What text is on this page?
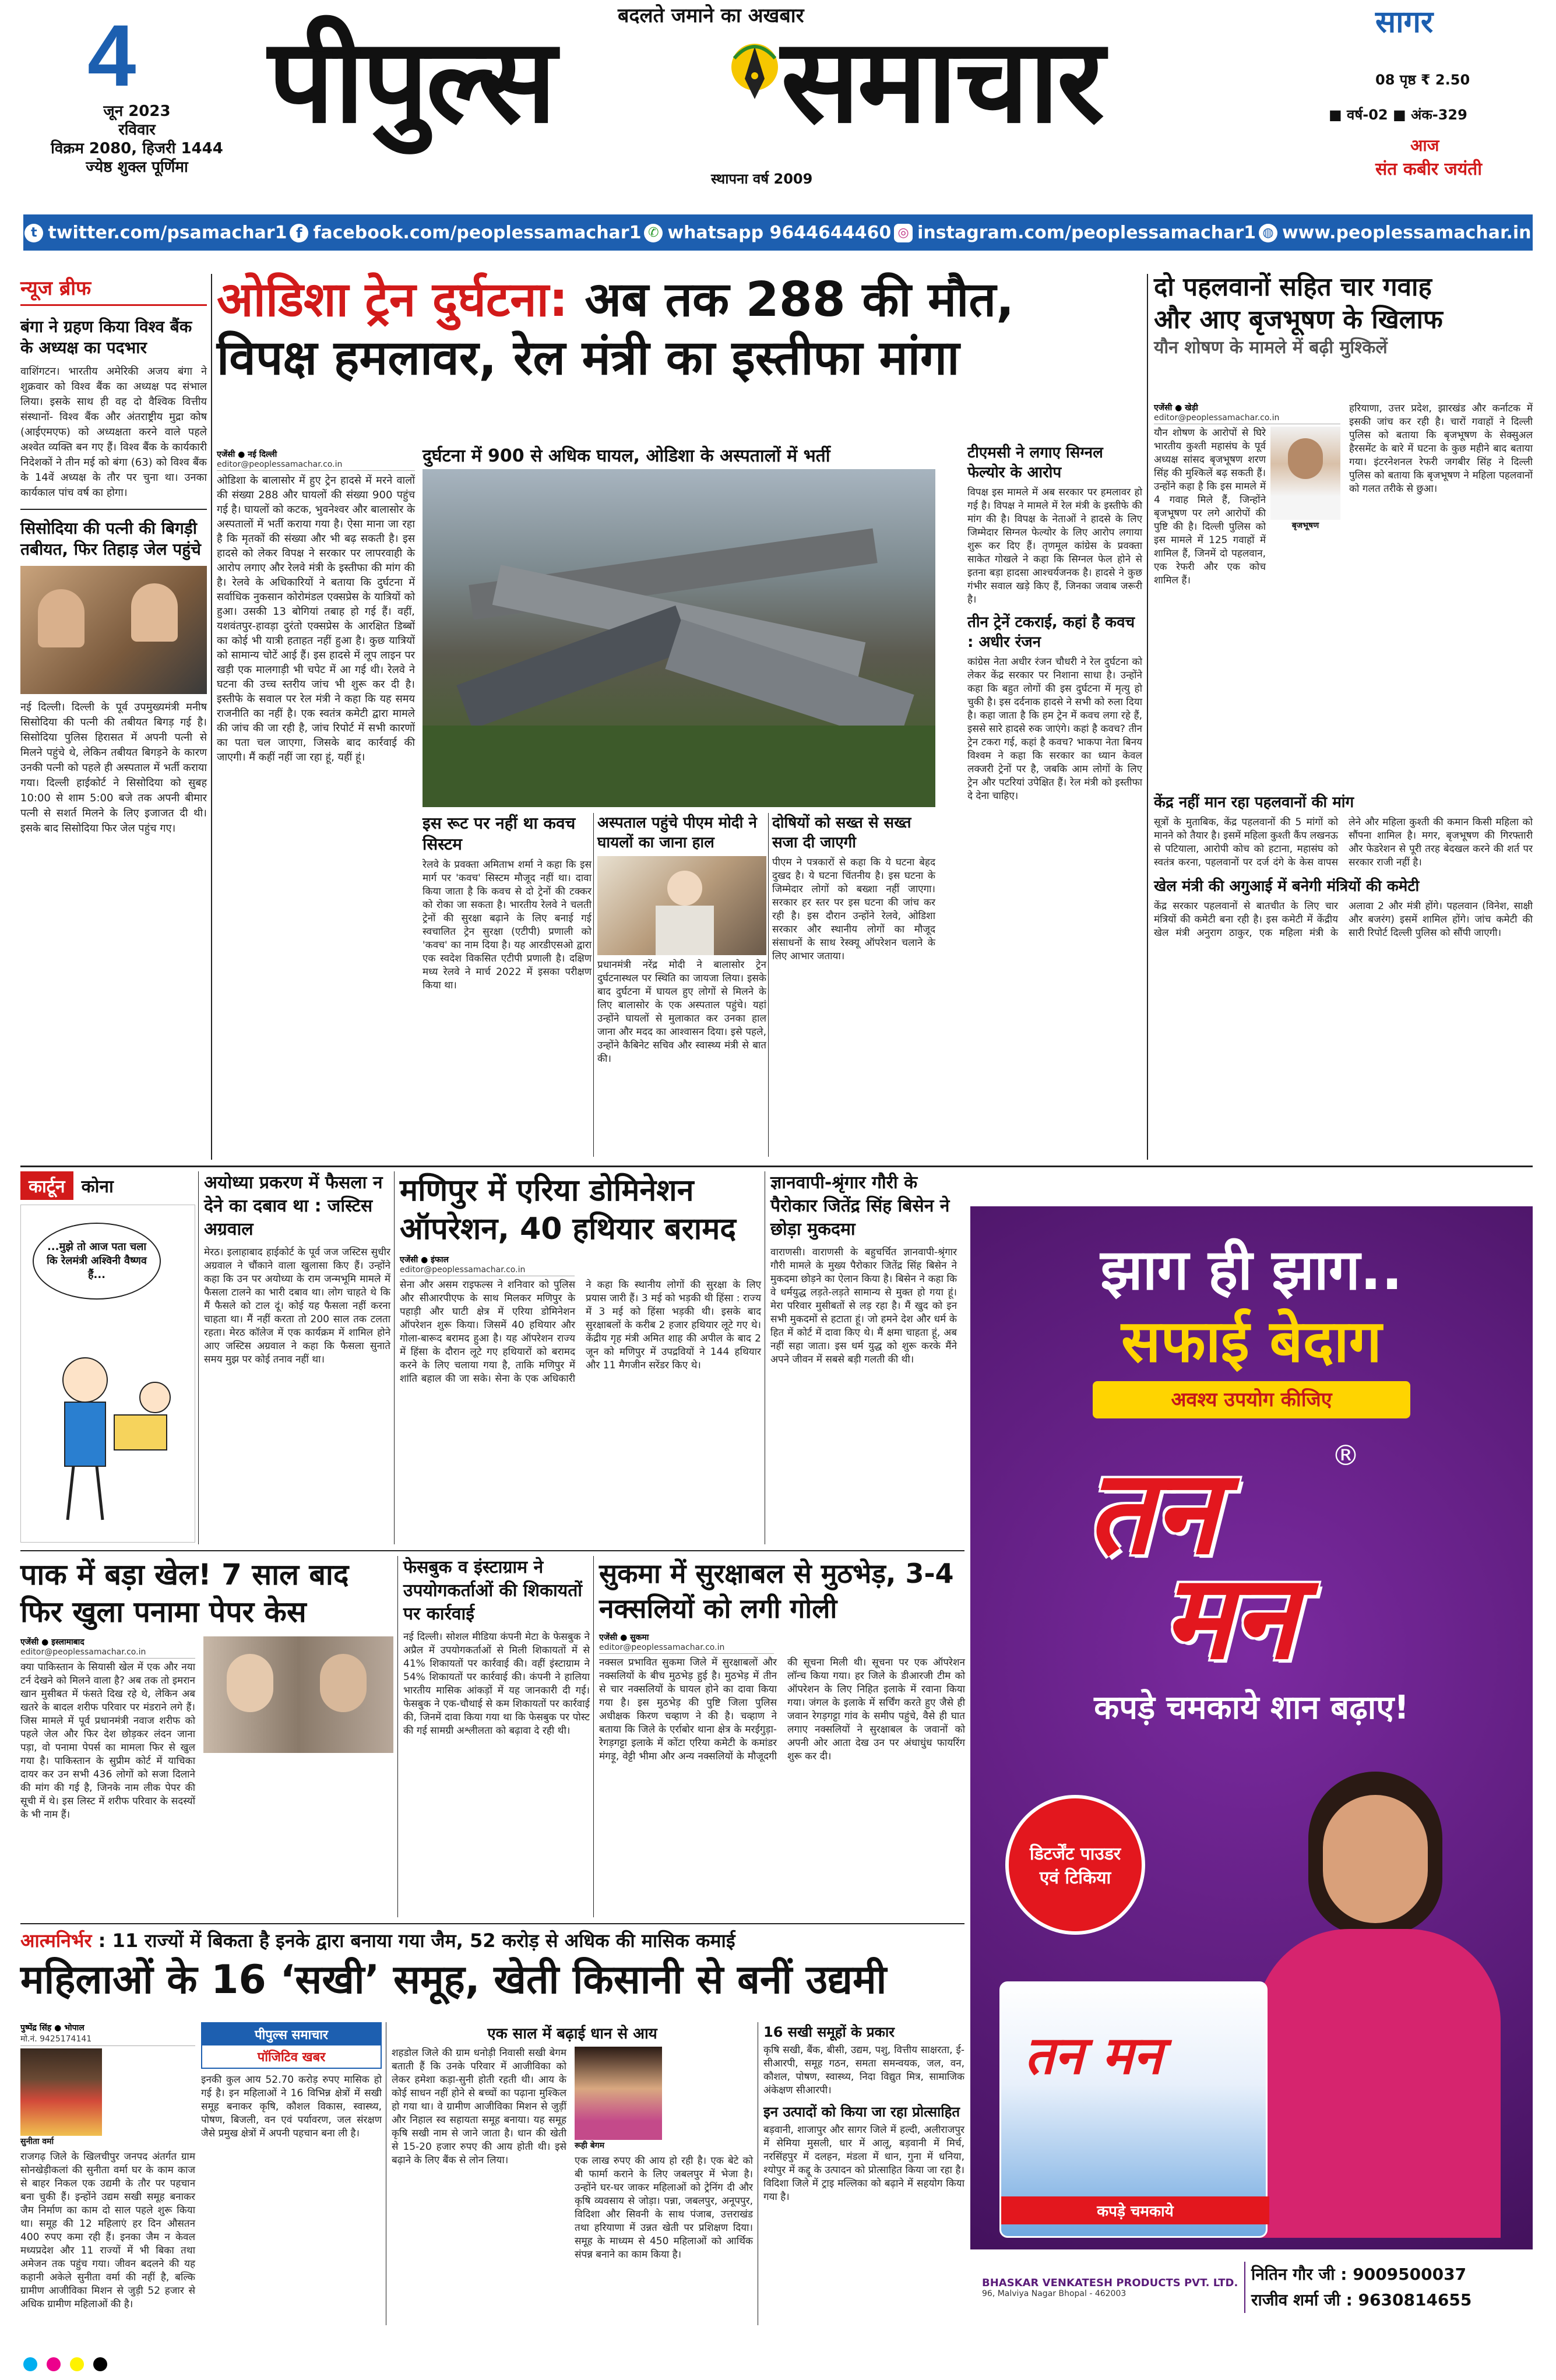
4
जून 2023
रविवार
विक्रम 2080, हिजरी 1444
ज्येष्ठ शुक्ल पूर्णिमा
बदलते जमाने का अखबार
पीपुल्स समाचार
स्थापना वर्ष 2009
सागर
08 पृष्ठ ₹ 2.50
■ वर्ष-02 ■ अंक-329
आज
संत कबीर जयंती
t twitter.com/psamachar1 f facebook.com/peoplessamachar1 ✆ whatsapp 9644644460 ◎ instagram.com/peoplessamachar1 ◍ www.peoplessamachar.in
न्यूज ब्रीफ
बंगा ने ग्रहण किया विश्व बैंक के अध्यक्ष का पदभार
वाशिंगटन। भारतीय अमेरिकी अजय बंगा ने शुक्रवार को विश्व बैंक का अध्यक्ष पद संभाल लिया। इसके साथ ही वह दो वैश्विक वित्तीय संस्थानों- विश्व बैंक और अंतराष्ट्रीय मुद्रा कोष (आईएमएफ) को अध्यक्षता करने वाले पहले अश्वेत व्यक्ति बन गए हैं। विश्व बैंक के कार्यकारी निदेशकों ने तीन मई को बंगा (63) को विश्व बैंक के 14वें अध्यक्ष के तौर पर चुना था। उनका कार्यकाल पांच वर्ष का होगा।
सिसोदिया की पत्नी की बिगड़ी तबीयत, फिर तिहाड़ जेल पहुंचे
नई दिल्ली। दिल्ली के पूर्व उपमुख्यमंत्री मनीष सिसोदिया की पत्नी की तबीयत बिगड़ गई है। सिसोदिया पुलिस हिरासत में अपनी पत्नी से मिलने पहुंचे थे, लेकिन तबीयत बिगड़ने के कारण उनकी पत्नी को पहले ही अस्पताल में भर्ती कराया गया। दिल्ली हाईकोर्ट ने सिसोदिया को सुबह 10:00 से शाम 5:00 बजे तक अपनी बीमार पत्नी से सशर्त मिलने के लिए इजाजत दी थी। इसके बाद सिसोदिया फिर जेल पहुंच गए।
ओडिशा ट्रेन दुर्घटना: अब तक 288 की मौत,
विपक्ष हमलावर, रेल मंत्री का इस्तीफा मांगा
एजेंसी ● नई दिल्ली
editor@peoplessamachar.co.in
ओडिशा के बालासोर में हुए ट्रेन हादसे में मरने वालों की संख्या 288 और घायलों की संख्या 900 पहुंच गई है। घायलों को कटक, भुवनेश्वर और बालासोर के अस्पतालों में भर्ती कराया गया है। ऐसा माना जा रहा है कि मृतकों की संख्या और भी बढ़ सकती है। इस हादसे को लेकर विपक्ष ने सरकार पर लापरवाही के आरोप लगाए और रेलवे मंत्री के इस्तीफा की मांग की है। रेलवे के अधिकारियों ने बताया कि दुर्घटना में सर्वाधिक नुकसान कोरोमंडल एक्सप्रेस के यात्रियों को हुआ। उसकी 13 बोगियां तबाह हो गई हैं। वहीं, यशवंतपुर-हावड़ा दुरंतो एक्सप्रेस के आरक्षित डिब्बों का कोई भी यात्री हताहत नहीं हुआ है। कुछ यात्रियों को सामान्य चोटें आई हैं। इस हादसे में लूप लाइन पर खड़ी एक मालगाड़ी भी चपेट में आ गई थी। रेलवे ने घटना की उच्च स्तरीय जांच भी शुरू कर दी है। इस्तीफे के सवाल पर रेल मंत्री ने कहा कि यह समय राजनीति का नहीं है। एक स्वतंत्र कमेटी द्वारा मामले की जांच की जा रही है, जांच रिपोर्ट में सभी कारणों का पता चल जाएगा, जिसके बाद कार्रवाई की जाएगी। मैं कहीं नहीं जा रहा हूं, यहीं हूं।
दुर्घटना में 900 से अधिक घायल, ओडिशा के अस्पतालों में भर्ती
इस रूट पर नहीं था कवच सिस्टम
रेलवे के प्रवक्ता अमिताभ शर्मा ने कहा कि इस मार्ग पर 'कवच' सिस्टम मौजूद नहीं था। दावा किया जाता है कि कवच से दो ट्रेनों की टक्कर को रोका जा सकता है। भारतीय रेलवे ने चलती ट्रेनों की सुरक्षा बढ़ाने के लिए बनाई गई स्वचालित ट्रेन सुरक्षा (एटीपी) प्रणाली को 'कवच' का नाम दिया है। यह आरडीएसओ द्वारा एक स्वदेश विकसित एटीपी प्रणाली है। दक्षिण मध्य रेलवे ने मार्च 2022 में इसका परीक्षण किया था।
अस्पताल पहुंचे पीएम मोदी ने घायलों का जाना हाल
प्रधानमंत्री नरेंद्र मोदी ने बालासोर ट्रेन दुर्घटनास्थल पर स्थिति का जायजा लिया। इसके बाद दुर्घटना में घायल हुए लोगों से मिलने के लिए बालासोर के एक अस्पताल पहुंचे। यहां उन्होंने घायलों से मुलाकात कर उनका हाल जाना और मदद का आश्वासन दिया। इसे पहले, उन्होंने कैबिनेट सचिव और स्वास्थ्य मंत्री से बात की।
दोषियों को सख्त से सख्त सजा दी जाएगी
पीएम ने पत्रकारों से कहा कि ये घटना बेहद दुखद है। ये घटना चिंतनीय है। इस घटना के जिम्मेदार लोगों को बख्शा नहीं जाएगा। सरकार हर स्तर पर इस घटना की जांच कर रही है। इस दौरान उन्होंने रेलवे, ओडिशा सरकार और स्थानीय लोगों का मौजूद संसाधनों के साथ रेस्क्यू ऑपरेशन चलाने के लिए आभार जताया।
टीएमसी ने लगाए सिग्नल फेल्योर के आरोप
विपक्ष इस मामले में अब सरकार पर हमलावर हो गई है। विपक्ष ने मामले में रेल मंत्री के इस्तीफे की मांग की है। विपक्ष के नेताओं ने हादसे के लिए जिम्मेदार सिग्नल फेल्योर के लिए आरोप लगाया शुरू कर दिए हैं। तृणमूल कांग्रेस के प्रवक्ता साकेत गोखले ने कहा कि सिग्नल फेल होने से इतना बड़ा हादसा आश्चर्यजनक है। हादसे ने कुछ गंभीर सवाल खड़े किए हैं, जिनका जवाब जरूरी है।
तीन ट्रेनें टकराई, कहां है कवच : अधीर रंजन
कांग्रेस नेता अधीर रंजन चौधरी ने रेल दुर्घटना को लेकर केंद्र सरकार पर निशाना साधा है। उन्होंने कहा कि बहुत लोगों की इस दुर्घटना में मृत्यु हो चुकी है। इस दर्दनाक हादसे ने सभी को रुला दिया है। कहा जाता है कि हम ट्रेन में कवच लगा रहे हैं, इससे सारे हादसे रुक जाएंगे। कहां है कवच? तीन ट्रेन टकरा गई, कहां है कवच? भाकपा नेता बिनय विश्वम ने कहा कि सरकार का ध्यान केवल लक्जरी ट्रेनों पर है, जबकि आम लोगों के लिए ट्रेन और पटरियां उपेक्षित हैं। रेल मंत्री को इस्तीफा दे देना चाहिए।
दो पहलवानों सहित चार गवाह
और आए बृजभूषण के खिलाफ
यौन शोषण के मामले में बढ़ी मुश्किलें
एजेंसी ● खेड़ी
editor@peoplessamachar.co.in
यौन शोषण के आरोपों से घिरे भारतीय कुश्ती महासंघ के पूर्व अध्यक्ष सांसद बृजभूषण शरण सिंह की मुश्किलें बढ़ सकती हैं। उन्होंने कहा है कि इस मामले में 4 गवाह मिले हैं, जिन्होंने बृजभूषण पर लगे आरोपों की पुष्टि की है। दिल्ली पुलिस को इस मामले में 125 गवाहों में शामिल हैं, जिनमें दो पहलवान, एक रेफरी और एक कोच शामिल हैं।
बृजभूषण
हरियाणा, उत्तर प्रदेश, झारखंड और कर्नाटक में इसकी जांच कर रही है। चारों गवाहों ने दिल्ली पुलिस को बताया कि बृजभूषण के सेक्सुअल हैरसमेंट के बारे में घटना के कुछ महीने बाद बताया गया। इंटरनेशनल रेफरी जगबीर सिंह ने दिल्ली पुलिस को बताया कि बृजभूषण ने महिला पहलवानों को गलत तरीके से छुआ।
केंद्र नहीं मान रहा पहलवानों की मांग
सूत्रों के मुताबिक, केंद्र पहलवानों की 5 मांगों को मानने को तैयार है। इसमें महिला कुश्ती कैंप लखनऊ से पटियाला, आरोपी कोच को हटाना, महासंघ को स्वतंत्र करना, पहलवानों पर दर्ज दंगे के केस वापस लेने और महिला कुश्ती की कमान किसी महिला को सौंपना शामिल है। मगर, बृजभूषण की गिरफ्तारी और फेडरेशन से पूरी तरह बेदखल करने की शर्त पर सरकार राजी नहीं है।
खेल मंत्री की अगुआई में बनेगी मंत्रियों की कमेटी
केंद्र सरकार पहलवानों से बातचीत के लिए चार मंत्रियों की कमेटी बना रही है। इस कमेटी में केंद्रीय खेल मंत्री अनुराग ठाकुर, एक महिला मंत्री के अलावा 2 और मंत्री होंगे। पहलवान (विनेश, साक्षी और बजरंग) इसमें शामिल होंगे। जांच कमेटी की सारी रिपोर्ट दिल्ली पुलिस को सौंपी जाएगी।
कार्टून कोना
...मुझे तो आज पता चला कि रेलमंत्री अश्विनी वैष्णव हैं...
अयोध्या प्रकरण में फैसला न देने का दबाव था : जस्टिस अग्रवाल
मेरठ। इलाहाबाद हाईकोर्ट के पूर्व जज जस्टिस सुधीर अग्रवाल ने चौंकाने वाला खुलासा किए हैं। उन्होंने कहा कि उन पर अयोध्या के राम जन्मभूमि मामले में फैसला टालने का भारी दबाव था। लोग चाहते थे कि मैं फैसले को टाल दूं। कोई यह फैसला नहीं करना चाहता था। मैं नहीं करता तो 200 साल तक टलता रहता। मेरठ कॉलेज में एक कार्यक्रम में शामिल होने आए जस्टिस अग्रवाल ने कहा कि फैसला सुनाते समय मुझ पर कोई तनाव नहीं था।
मणिपुर में एरिया डोमिनेशन ऑपरेशन, 40 हथियार बरामद
एजेंसी ● इंफाल
editor@peoplessamachar.co.in
सेना और असम राइफल्स ने शनिवार को पुलिस और सीआरपीएफ के साथ मिलकर मणिपुर के पहाड़ी और घाटी क्षेत्र में एरिया डोमिनेशन ऑपरेशन शुरू किया। जिसमें 40 हथियार और गोला-बारूद बरामद हुआ है। यह ऑपरेशन राज्य में हिंसा के दौरान लूटे गए हथियारों को बरामद करने के लिए चलाया गया है, ताकि मणिपुर में शांति बहाल की जा सके। सेना के एक अधिकारी ने कहा कि स्थानीय लोगों की सुरक्षा के लिए प्रयास जारी हैं। 3 मई को भड़की थी हिंसा : राज्य में 3 मई को हिंसा भड़की थी। इसके बाद सुरक्षाबलों के करीब 2 हजार हथियार लूटे गए थे। केंद्रीय गृह मंत्री अमित शाह की अपील के बाद 2 जून को मणिपुर में उपद्रवियों ने 144 हथियार और 11 मैगजीन सरेंडर किए थे।
ज्ञानवापी-श्रृंगार गौरी के पैरोकार जितेंद्र सिंह बिसेन ने छोड़ा मुकदमा
वाराणसी। वाराणसी के बहुचर्चित ज्ञानवापी-श्रृंगार गौरी मामले के मुख्य पैरोकार जितेंद्र सिंह बिसेन ने मुकदमा छोड़ने का ऐलान किया है। बिसेन ने कहा कि वे धर्मयुद्ध लड़ते-लड़ते सामान्य से मुक्त हो गया हूं। मेरा परिवार मुसीबतों से लड़ रहा है। मैं खुद को इन सभी मुकदमों से हटाता हूं। जो हमने देश और धर्म के हित में कोर्ट में दावा किए थे। मैं क्षमा चाहता हूं, अब नहीं सहा जाता। इस धर्म युद्ध को शुरू करके मैंने अपने जीवन में सबसे बड़ी गलती की थी।
झाग ही झाग..
सफाई बेदाग
अवश्य उपयोग कीजिए
तन	®
मन
कपड़े चमकाये शान बढ़ाए!
डिटर्जेंट पाउडर
एवं टिकिया
तन मन
कपड़े चमकाये
BHASKAR VENKATESH PRODUCTS PVT. LTD.
96, Malviya Nagar Bhopal - 462003
नितिन गौर जी : 9009500037
राजीव शर्मा जी : 9630814655
पाक में बड़ा खेल! 7 साल बाद फिर खुला पनामा पेपर केस
एजेंसी ● इस्लामाबाद
editor@peoplessamachar.co.in
क्या पाकिस्तान के सियासी खेल में एक और नया टर्न देखने को मिलने वाला है? अब तक तो इमरान खान मुसीबत में फंसते दिख रहे थे, लेकिन अब खतरे के बादल शरीफ परिवार पर मंडराने लगे हैं। जिस मामले में पूर्व प्रधानमंत्री नवाज शरीफ को पहले जेल और फिर देश छोड़कर लंदन जाना पड़ा, वो पनामा पेपर्स का मामला फिर से खुल गया है। पाकिस्तान के सुप्रीम कोर्ट में याचिका दायर कर उन सभी 436 लोगों को सजा दिलाने की मांग की गई है, जिनके नाम लीक पेपर की सूची में थे। इस लिस्ट में शरीफ परिवार के सदस्यों के भी नाम हैं।
फेसबुक व इंस्टाग्राम ने उपयोगकर्ताओं की शिकायतों पर कार्रवाई
नई दिल्ली। सोशल मीडिया कंपनी मेटा के फेसबुक ने अप्रैल में उपयोगकर्ताओं से मिली शिकायतों में से 41% शिकायतों पर कार्रवाई की। वहीं इंस्टाग्राम ने 54% शिकायतों पर कार्रवाई की। कंपनी ने हालिया भारतीय मासिक आंकड़ों में यह जानकारी दी गई। फेसबुक ने एक-चौथाई से कम शिकायतों पर कार्रवाई की, जिनमें दावा किया गया था कि फेसबुक पर पोस्ट की गई सामग्री अश्लीलता को बढ़ावा दे रही थी।
सुकमा में सुरक्षाबल से मुठभेड़, 3-4 नक्सलियों को लगी गोली
एजेंसी ● सुकमा
editor@peoplessamachar.co.in
नक्सल प्रभावित सुकमा जिले में सुरक्षाबलों और नक्सलियों के बीच मुठभेड़ हुई है। मुठभेड़ में तीन से चार नक्सलियों के घायल होने का दावा किया गया है। इस मुठभेड़ की पुष्टि जिला पुलिस अधीक्षक किरण चव्हाण ने की है। चव्हाण ने बताया कि जिले के एर्राबोर थाना क्षेत्र के मरईगुड़ा-रेगड़गट्टा इलाके में कोंटा एरिया कमेटी के कमांडर मंगड़ू, वेट्टी भीमा और अन्य नक्सलियों के मौजूदगी की सूचना मिली थी। सूचना पर एक ऑपरेशन लॉन्च किया गया। हर जिले के डीआरजी टीम को ऑपरेशन के लिए निहित इलाके में रवाना किया गया। जंगल के इलाके में सर्चिंग करते हुए जैसे ही जवान रेगड़गट्टा गांव के समीप पहुंचे, वैसे ही घात लगाए नक्सलियों ने सुरक्षाबल के जवानों को अपनी ओर आता देख उन पर अंधाधुंध फायरिंग शुरू कर दी।
आत्मनिर्भर : 11 राज्यों में बिकता है इनके द्वारा बनाया गया जैम, 52 करोड़ से अधिक की मासिक कमाई
महिलाओं के 16 ‘सखी’ समूह, खेती किसानी से बनीं उद्यमी
पुष्पेंद्र सिंह ● भोपाल
मो.नं. 9425174141
सुनीता वर्मा
राजगढ़ जिले के खिलचीपुर जनपद अंतर्गत ग्राम सोनखेड़ीकलां की सुनीता वर्मा घर के काम काज से बाहर निकल एक उद्यमी के तौर पर पहचान बना चुकी हैं। इन्होंने उद्यम सखी समूह बनाकर जैम निर्माण का काम दो साल पहले शुरू किया था। समूह की 12 महिलाएं हर दिन औसतन 400 रुपए कमा रही हैं। इनका जैम न केवल मध्यप्रदेश और 11 राज्यों में भी बिका तथा अमेजन तक पहुंच गया। जीवन बदलने की यह कहानी अकेले सुनीता वर्मा की नहीं है, बल्कि ग्रामीण आजीविका मिशन से जुड़ी 52 हजार से अधिक ग्रामीण महिलाओं की है।
पीपुल्स समाचार
पॉजिटिव खबर
इनकी कुल आय 52.70 करोड़ रुपए मासिक हो गई है। इन महिलाओं ने 16 विभिन्न क्षेत्रों में सखी समूह बनाकर कृषि, कौशल विकास, स्वास्थ्य, पोषण, बिजली, वन एवं पर्यावरण, जल संरक्षण जैसे प्रमुख क्षेत्रों में अपनी पहचान बना ली है।
एक साल में बढ़ाई धान से आय
शहडोल जिले की ग्राम धनोड़ी निवासी सखी बेगम बताती हैं कि उनके परिवार में आजीविका को लेकर हमेशा कड़ा-सुनी होती रहती थी। आय के कोई साधन नहीं होने से बच्चों का पढ़ाना मुश्किल हो गया था। वे ग्रामीण आजीविका मिशन से जुड़ीं और निहाल स्व सहायता समूह बनाया। यह समूह कृषि सखी नाम से जाने जाता है। धान की खेती से 15-20 हजार रुपए की आय होती थी। इसे बढ़ाने के लिए बैंक से लोन लिया।
रूही बेगम
एक लाख रुपए की आय हो रही है। एक बेटे को बी फार्मा कराने के लिए जबलपुर में भेजा है। उन्होंने घर-घर जाकर महिलाओं को ट्रेनिंग दी और कृषि व्यवसाय से जोड़ा। पन्ना, जबलपुर, अनूपपुर, विदिशा और सिवनी के साथ पंजाब, उत्तराखंड तथा हरियाणा में उन्नत खेती पर प्रशिक्षण दिया। समूह के माध्यम से 450 महिलाओं को आर्थिक संपन्न बनाने का काम किया है।
16 सखी समूहों के प्रकार
कृषि सखी, बैंक, बीसी, उद्यम, पशु, वित्तीय साक्षरता, ई-सीआरपी, समूह गठन, समता समन्वयक, जल, वन, कौशल, पोषण, स्वास्थ्य, निदा विद्युत मित्र, सामाजिक अंकेक्षण सीआरपी।
इन उत्पादों को किया जा रहा प्रोत्साहित
बड़वानी, शाजापुर और सागर जिले में हल्दी, अलीराजपुर में सेमिया मुसली, धार में आलू, बड़वानी में मिर्च, नरसिंहपुर में दलहन, मंडला में धान, गुना में धनिया, श्योपुर में कद्दू के उत्पादन को प्रोत्साहित किया जा रहा है। विदिशा जिले में ट्राइ मल्लिका को बढ़ाने में सहयोग किया गया है।
